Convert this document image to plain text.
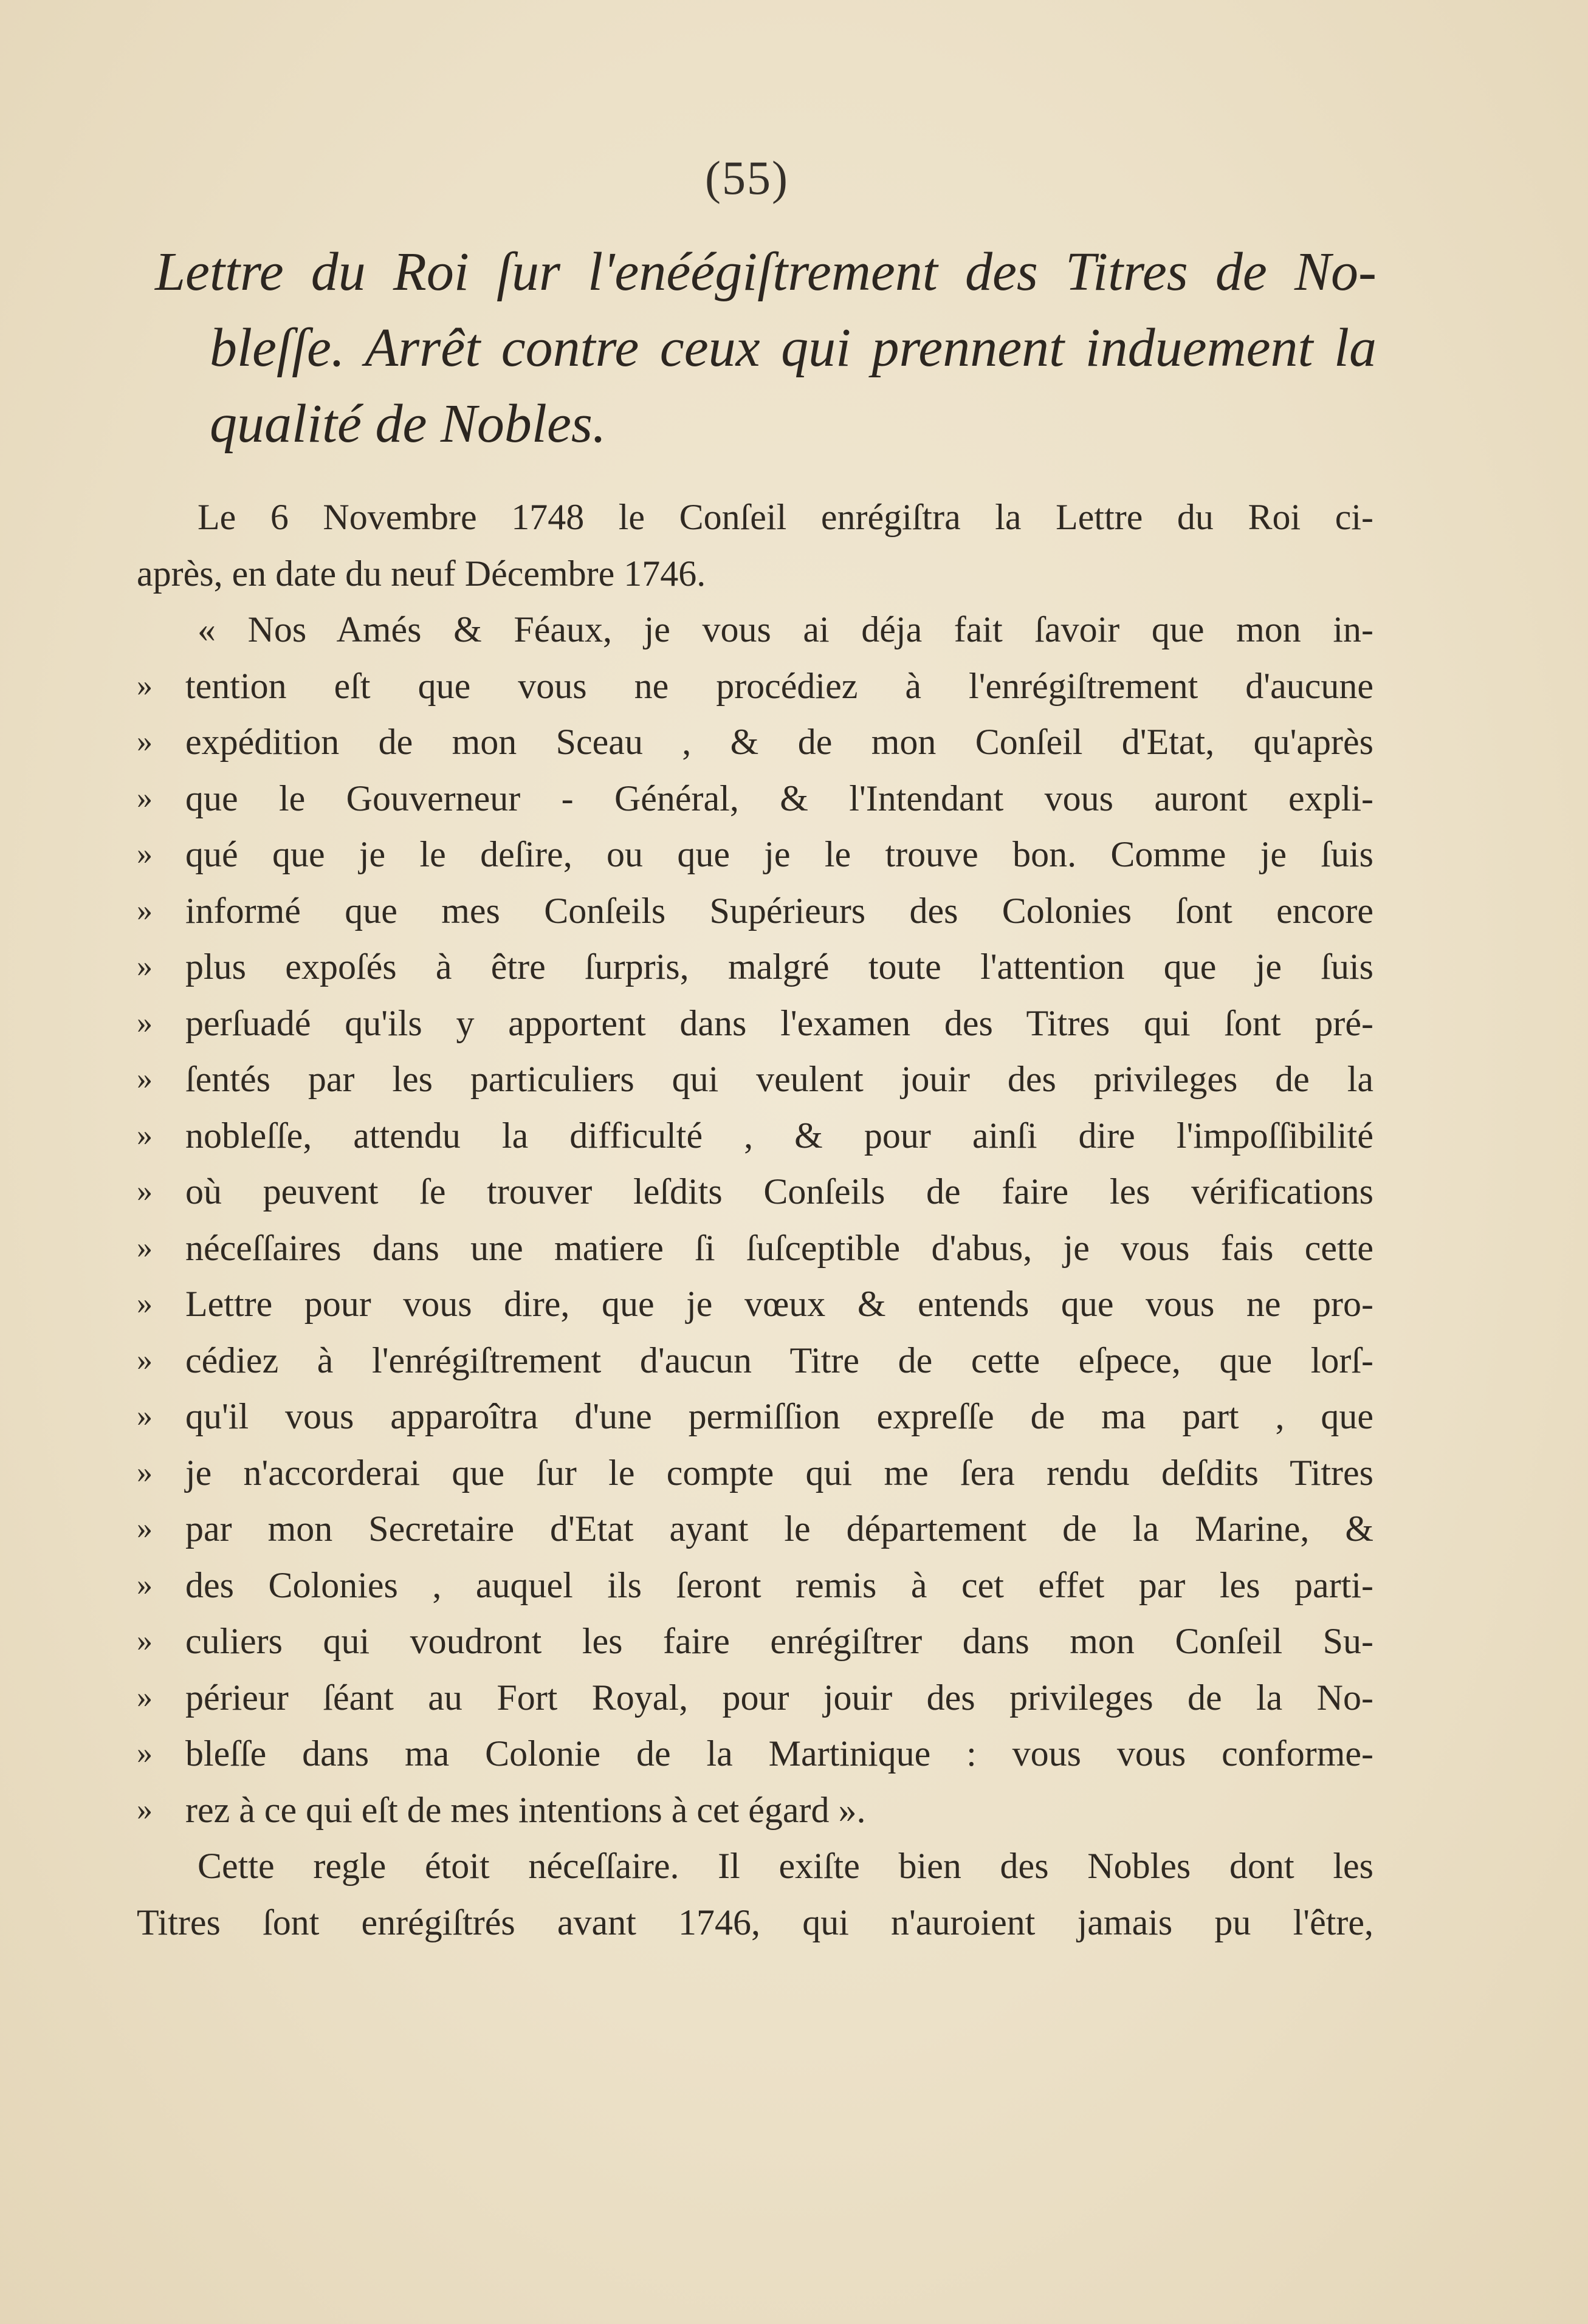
(55)
Lettre du Roi ſur l'enéégiſtrement des Titres de No-
bleſſe. Arrêt contre ceux qui prennent induement la
qualité de Nobles.
Le 6 Novembre 1748 le Conſeil enrégiſtra la Lettre du Roi ci-
après, en date du neuf Décembre 1746.
« Nos Amés & Féaux, je vous ai déja fait ſavoir que mon in-
» tention eſt que vous ne procédiez à l'enrégiſtrement d'aucune
» expédition de mon Sceau , & de mon Conſeil d'Etat, qu'après
» que le Gouverneur - Général, & l'Intendant vous auront expli-
» qué que je le deſire, ou que je le trouve bon. Comme je ſuis
» informé que mes Conſeils Supérieurs des Colonies ſont encore
» plus expoſés à être ſurpris, malgré toute l'attention que je ſuis
» perſuadé qu'ils y apportent dans l'examen des Titres qui ſont pré-
» ſentés par les particuliers qui veulent jouir des privileges de la
» nobleſſe, attendu la difficulté , & pour ainſi dire l'impoſſibilité
» où peuvent ſe trouver leſdits Conſeils de faire les vérifications
» néceſſaires dans une matiere ſi ſuſceptible d'abus, je vous fais cette
» Lettre pour vous dire, que je vœux & entends que vous ne pro-
» cédiez à l'enrégiſtrement d'aucun Titre de cette eſpece, que lorſ-
» qu'il vous apparoîtra d'une permiſſion expreſſe de ma part , que
» je n'accorderai que ſur le compte qui me ſera rendu deſdits Titres
» par mon Secretaire d'Etat ayant le département de la Marine, &
» des Colonies , auquel ils ſeront remis à cet effet par les parti-
» culiers qui voudront les faire enrégiſtrer dans mon Conſeil Su-
» périeur ſéant au Fort Royal, pour jouir des privileges de la No-
» bleſſe dans ma Colonie de la Martinique : vous vous conforme-
» rez à ce qui eſt de mes intentions à cet égard ».
Cette regle étoit néceſſaire. Il exiſte bien des Nobles dont les
Titres ſont enrégiſtrés avant 1746, qui n'auroient jamais pu l'être,
